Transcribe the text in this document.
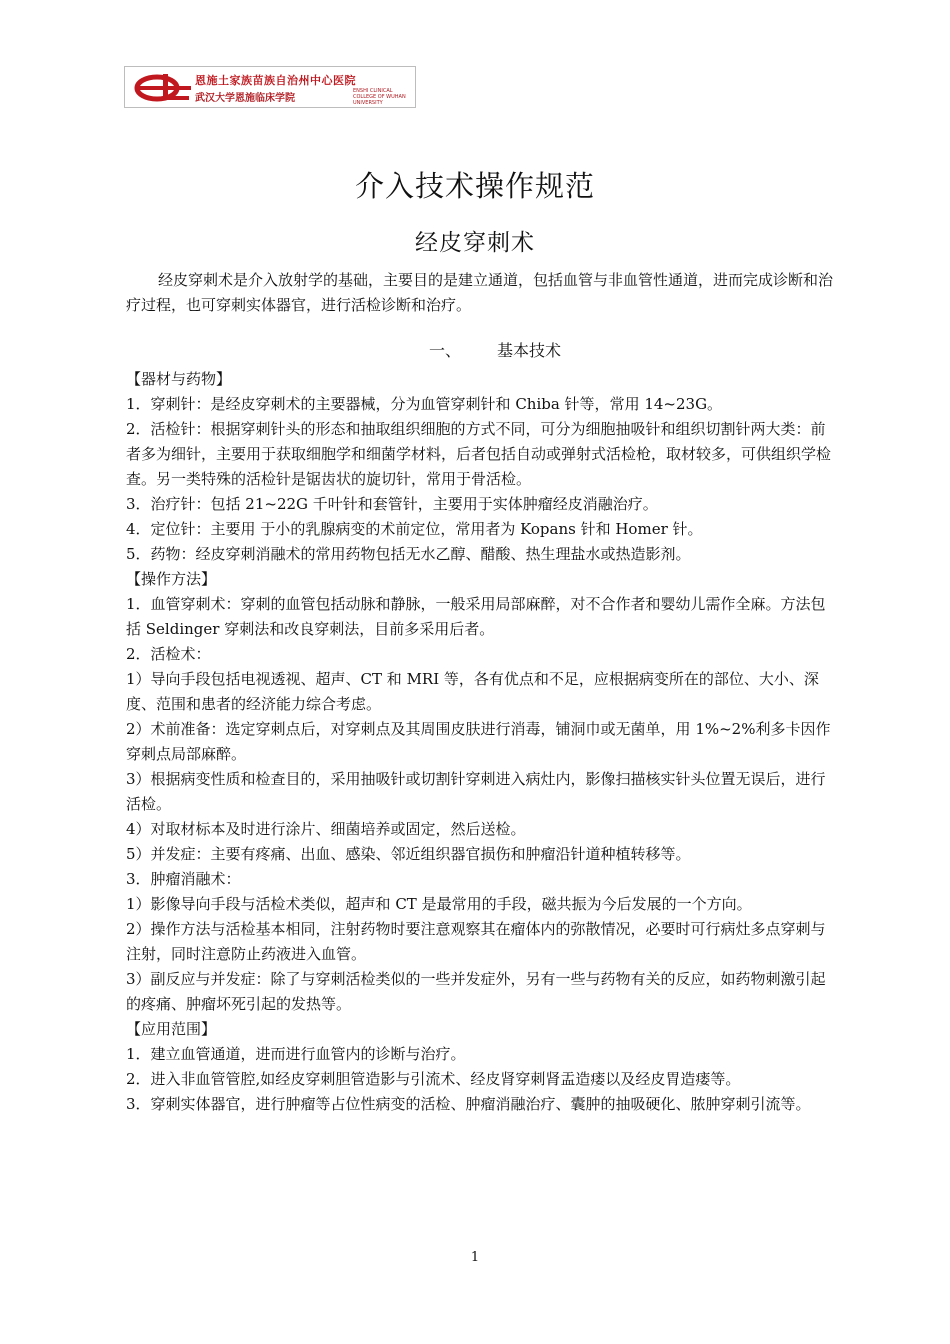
恩施土家族苗族自治州中心医院
武汉大学恩施临床学院
ENSHI CLINICAL COLLEGE OF WUHAN UNIVERSITY
介入技术操作规范
经皮穿刺术

经皮穿刺术是介入放射学的基础，主要目的是建立通道，包括血管与非血管性通道，进而完成诊断和治疗过程，也可穿刺实体器官，进行活检诊断和治疗。

一、 基本技术

【器材与药物】

1．穿刺针：是经皮穿刺术的主要器械，分为血管穿刺针和 Chiba 针等，常用 14~23G。

2．活检针：根据穿刺针头的形态和抽取组织细胞的方式不同，可分为细胞抽吸针和组织切割针两大类：前者多为细针，主要用于获取细胞学和细菌学材料，后者包括自动或弹射式活检枪，取材较多，可供组织学检查。另一类特殊的活检针是锯齿状的旋切针，常用于骨活检。

3．治疗针：包括 21~22G 千叶针和套管针，主要用于实体肿瘤经皮消融治疗。

4．定位针：主要用 于小的乳腺病变的术前定位，常用者为 Kopans 针和 Homer 针。

5．药物：经皮穿刺消融术的常用药物包括无水乙醇、醋酸、热生理盐水或热造影剂。

【操作方法】

1．血管穿刺术：穿刺的血管包括动脉和静脉，一般采用局部麻醉，对不合作者和婴幼儿需作全麻。方法包括 Seldinger 穿刺法和改良穿刺法，目前多采用后者。

2．活检术：

1）导向手段包括电视透视、超声、CT 和 MRI 等，各有优点和不足，应根据病变所在的部位、大小、深度、范围和患者的经济能力综合考虑。

2）术前准备：选定穿刺点后，对穿刺点及其周围皮肤进行消毒，铺洞巾或无菌单，用 1%~2%利多卡因作穿刺点局部麻醉。

3）根据病变性质和检查目的，采用抽吸针或切割针穿刺进入病灶内，影像扫描核实针头位置无误后，进行活检。

4）对取材标本及时进行涂片、细菌培养或固定，然后送检。

5）并发症：主要有疼痛、出血、感染、邻近组织器官损伤和肿瘤沿针道种植转移等。

3．肿瘤消融术：

1）影像导向手段与活检术类似，超声和 CT 是最常用的手段，磁共振为今后发展的一个方向。

2）操作方法与活检基本相同，注射药物时要注意观察其在瘤体内的弥散情况，必要时可行病灶多点穿刺与注射，同时注意防止药液进入血管。

3）副反应与并发症：除了与穿刺活检类似的一些并发症外，另有一些与药物有关的反应，如药物刺激引起的疼痛、肿瘤坏死引起的发热等。

【应用范围】

1．建立血管通道，进而进行血管内的诊断与治疗。

2．进入非血管管腔,如经皮穿刺胆管造影与引流术、经皮肾穿刺肾盂造瘘以及经皮胃造瘘等。

3．穿刺实体器官，进行肿瘤等占位性病变的活检、肿瘤消融治疗、囊肿的抽吸硬化、脓肿穿刺引流等。

1
